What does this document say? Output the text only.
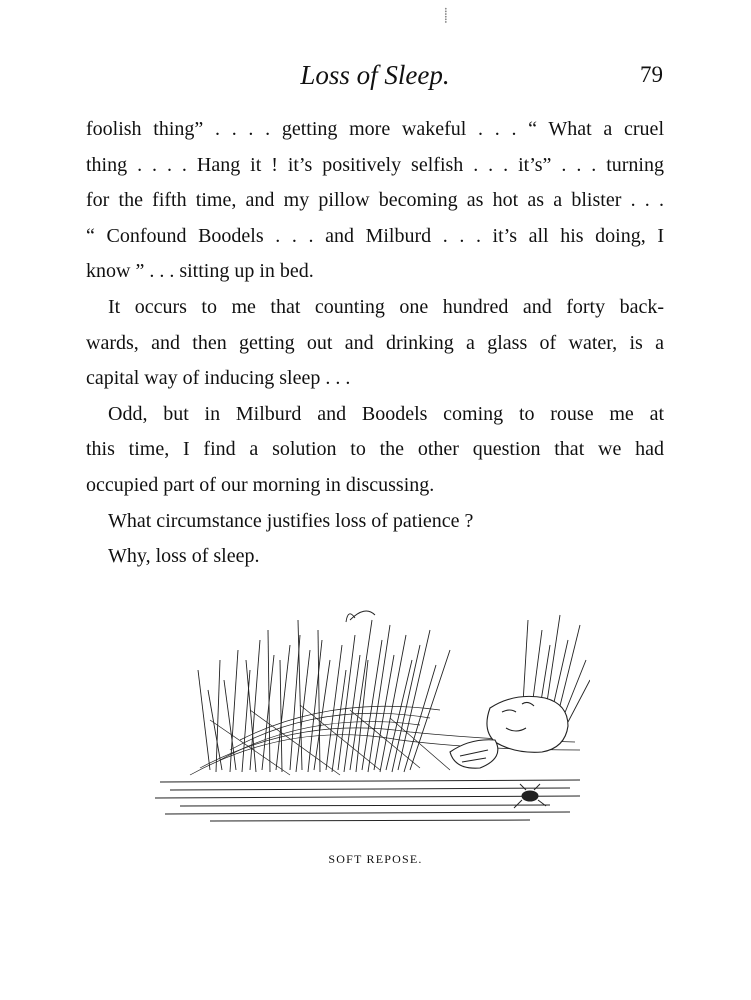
⸽
Loss of Sleep.	79
foolish thing” . . . . getting more wakeful . . . “ What a cruel
thing . . . . Hang it ! it’s positively selfish . . . it’s” . . . turning
for the fifth time, and my pillow becoming as hot as a blister . . .
“ Confound Boodels . . . and Milburd . . . it’s all his doing, I
know ” . . . sitting up in bed.
It occurs to me that counting one hundred and forty back-
wards, and then getting out and drinking a glass of water, is a
capital way of inducing sleep . . .
Odd, but in Milburd and Boodels coming to rouse me at
this time, I find a solution to the other question that we had
occupied part of our morning in discussing.
What circumstance justifies loss of patience ?
Why, loss of sleep.
SOFT REPOSE.
